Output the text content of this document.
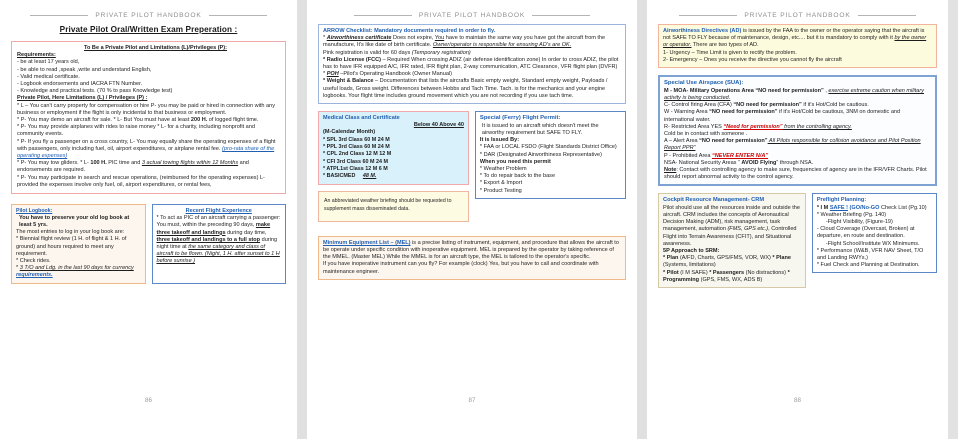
PRIVATE PILOT HANDBOOK
Private Pilot Oral/Written Exam Preperation :

To Be a Private Pilot and Limitations (L)/Privileges (P):

Requirements:

- be at least 17 years old,

- be able to read ,speak ,write and understand English,

- Valid medical certificate.

- Logbook endorsements and IACRA FTN Number.

- Knowledge and practical tests. (70 % to pass Knowledge test)

Private Pilot, Here Limitations (L) / Privileges (P) :

* L – You can't carry property for compensation or hire P- you may be paid or hired in connection with any business or employment if the flight is only incidental to that business or employment.

* P- You may demo an aircraft for sale. * L- But You must have at least 200 H. of logged flight time.

* P- You may provide airplanes with rides to raise money * L- for a charity, including nonprofit and community events.

* P- If you fly a passenger on a cross country, L- You may equally share the operating expenses of a flight with passengers, only including fuel, oil, airport expenditures, or airplane rental fee. (pro-rata share of the operating expenses)

* P- You may tow gliders. * L- 100 H. PIC time and 3 actual towing flights within 12 Months and endorsements are required.

* P- You may participate in search and rescue operations, (reimbursed for the operating expenses) L- provided the expenses involve only fuel, oil, airport expenditures, or rental fees,

Pilot Logbook:

You have to preserve your old log book at least 5 yrs.

The most entries to log in your log book are:

* Biennial flight review (1 H. of flight & 1 H. of ground) and hours required to meet any requirement.

* Check rides.

* 3 T/O and Ldg. in the last 90 days for currency requirements.

Recent Flight Experience

* To act as PIC of an aircraft carrying a passenger:

You must, within the preceding 90 days, make three takeoff and landings during day time, three takeoff and landings to a full stop during night time at the same category and class of aircraft to be flown. (Night, 1 H. after sunset to 1 H before sunrise )

86
PRIVATE PILOT HANDBOOK

ARROW Checklist: Mandatory documents required in order to fly.

* Airworthiness certificate Does not expire, You have to maintain the same way you have got the aircraft from the manufacture, It's like date of birth certificate. Owner/operator is responsible for ensuring AD's are OK.

Pink registration is valid for 60 days (Temporary registration)

* Radio License (FCC) – Required When crossing ADIZ (air defense identification zone) In order to cross ADIZ, the pilot has to have IFR equipped A/C, IFR rated, IFR flight plan, 2-way communication, ATC Clearance, VFR flight plan (DVFR)

* POH –Pilot's Operating Handbook (Owner Manual)

* Weight & Balance – Documentation that lists the aircrafts Basic empty weight, Standard empty weight, Payloads / useful loads, Gross weight. Differences between Hobbs and Tach Time. Tach. is for the mechanics and your engine logbooks. Your flight time includes ground movement which you are not recording if you use tach time.

Medical Class and Certificate

Below 40 Above 40

(M-Calendar Month)

* SPL 3rd Class 60 M 24 M

* PPL 3rd Class 60 M 24 M

* CPL 2nd Class 12 M 12 M

* CFI 3rd Class 60 M 24 M

* ATPL1st Class 12 M 6 M

* BASICMED 48 M.

An abbreviated weather briefing should be requested to supplement mass disseminated data.

Special (Ferry) Flight Permit:

It is issued to an aircraft which doesn't meet the airworthy requirement but SAFE TO FLY.

It is Issued By:

* FAA or LOCAL FSDO (Flight Standards District Office)

* DAR (Designated Airworthiness Representative)

When you need this permit

* Weather Problem

* To do repair back to the base

* Export & Import

* Product Testing

Minimum Equipment List – (MEL) is a precise listing of instrument, equipment, and procedure that allows the aircraft to be operate under specific condition with inoperative equipment. MEL is prepared by the operator by taking reference of the MMEL. (Master MEL) While the MMEL is for an aircraft type, the MEL is tailored to the operator's specific.

If you have inoperative instrument can you fly? For example (clock) Yes, but you have to call and coordinate with maintenance engineer.

87
PRIVATE PILOT HANDBOOK

Airworthiness Directives (AD) is issued by the FAA to the owner or the operator saying that the aircraft is not SAFE TO FLY because of maintenance, design, etc.... but it is mandatory to comply with it by the owner or operator. There are two types of AD.

1- Urgency – Time Limit is given to rectify the problem.

2- Emergency – Ones you receive the directive you cannot fly the aircraft

Special Use Airspace (SUA):

M - MOA- Military Operations Area “NO need for permission” , exercise extreme caution when military activity is being conducted.

C- Control firing Area (CFA) “NO need for permission” if it's Hot/Cold be cautious.

W - Warning Area “NO need for permission” if it's Hot/Cold be cautious, 3NM on domestic and international water.

R- Restricted Area YES “Need for permission” from the controlling agency.

Cold be in contact with someone .

A – Alert Area “NO need for permission” All Pilots responsible for collision avoidance and Pilot Position Report PPR”

P - Prohibited Area “NEVER ENTER N/A”

NSA- National Security Areas “ AVOID Flying” through NSA.

Note: Contact with controlling agency to make sure, frequencies of agency are in the IFR/VFR Charts. Pilot should report abnormal activity to the control agency.

Cockpit Resource Management- CRM

Pilot should use all the resources inside and outside the aircraft. CRM includes the concepts of Aeronautical Decision Making (ADM), risk management, task management, automation (FMS, GPS etc.), Controlled Flight into Terrain Awareness (CFIT), and Situational awareness.

5P Approach to SRM:

* Plan (A/FD, Charts, GPS/FMS, VOR, WX) * Plane (Systems, limitations)

* Pilot (I M SAFE) * Passengers (No distractions) * Programming (GPS, FMS, WX, ADS B)

Preflight Planning:

* I M SAFE ! (GO/No-GO Check List (Pg.10)

* Weather Briefing (Pg. 140)

-Flight Visibility, (Figure-19)

- Cloud Coverage (Overcast, Broken) at departure, en route and destination.

-Flight School/Institute WX Minimums.

* Performance (W&B, VFR NAV Sheet, T/O and Landing RWYs,)

* Fuel Check and Planning at Destination.

88
